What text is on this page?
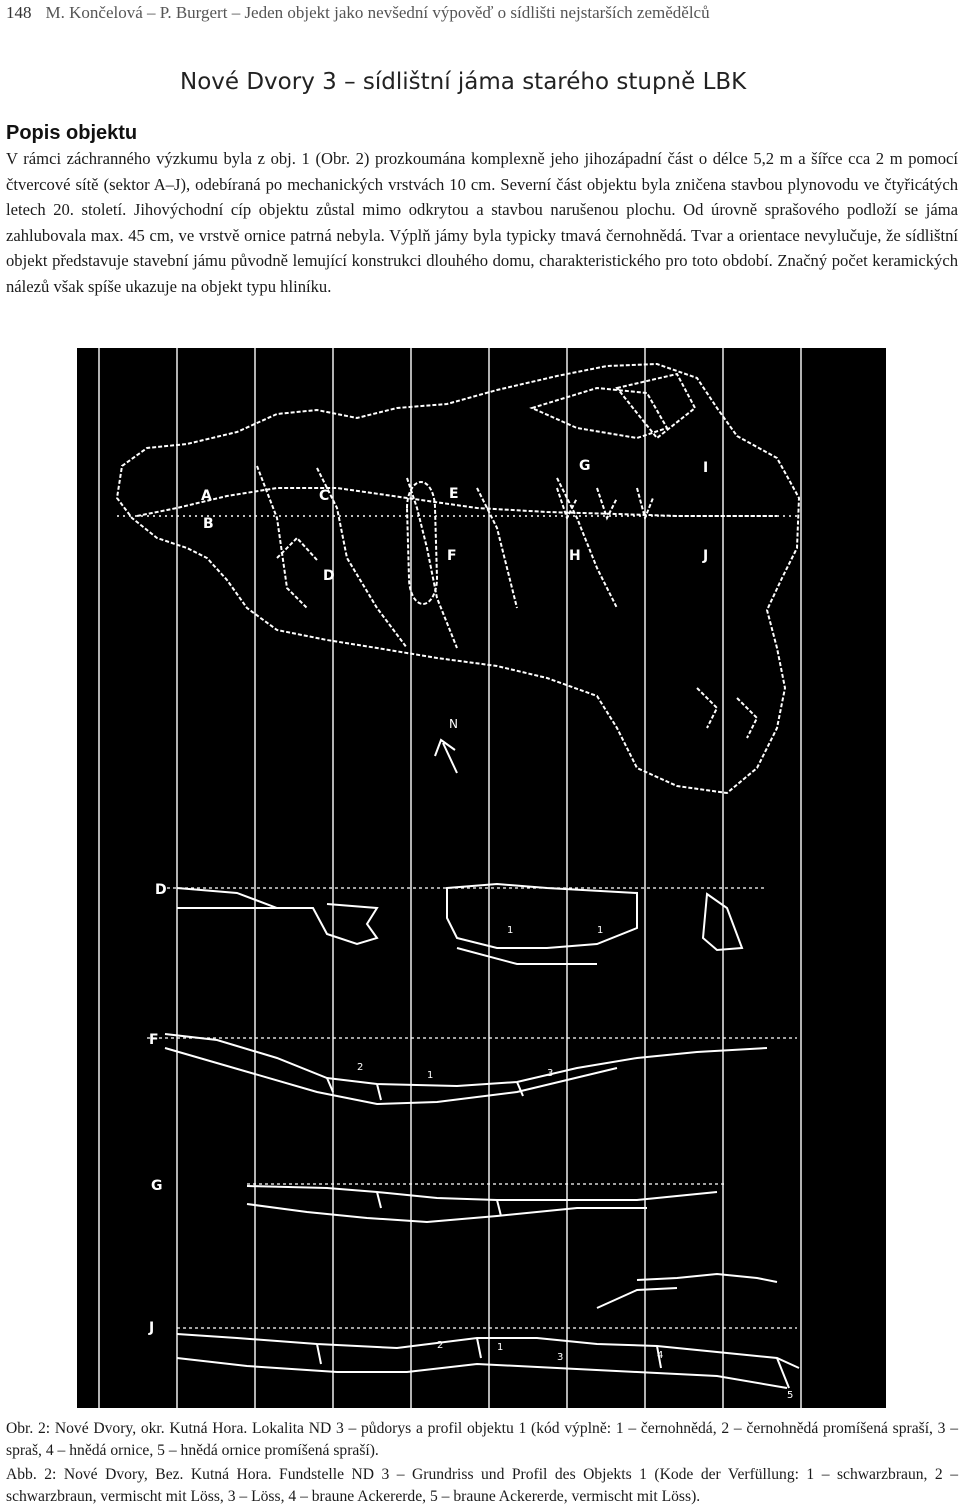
148 M. Končelová – P. Burgert – Jeden objekt jako nevšední výpověď o sídlišti nejstarších zemědělců
Nové Dvory 3 – sídlištní jáma starého stupně LBK
Popis objektu
V rámci záchranného výzkumu byla z obj. 1 (Obr. 2) prozkoumána komplexně jeho jihozápadní část o délce 5,2 m a šířce cca 2 m pomocí čtvercové sítě (sektor A–J), odebíraná po mechanických vrstvách 10 cm. Severní část objektu byla zničena stavbou plynovodu ve čtyřicátých letech 20. století. Jihovýchodní cíp objektu zůstal mimo odkrytou a stavbou narušenou plochu. Od úrovně sprašového podloží se jáma zahlubovala max. 45 cm, ve vrstvě ornice patrná nebyla. Výplň jámy byla typicky tmavá černohnědá. Tvar a orientace nevylučuje, že sídlištní objekt představuje stavební jámu původně lemující konstrukci dlouhého domu, charakteristického pro toto období. Značný počet keramických nálezů však spíše ukazuje na objekt typu hliníku.
A
B
C
D
E
F
G
H
I
J
N
D
F
G
J
1	1
1
2
3
1
2
3	4
5
Obr. 2: Nové Dvory, okr. Kutná Hora. Lokalita ND 3 – půdorys a profil objektu 1 (kód výplně: 1 – černohnědá, 2 – černohnědá promíšená spraší, 3 – spraš, 4 – hnědá ornice, 5 – hnědá ornice promíšená spraší).
Abb. 2: Nové Dvory, Bez. Kutná Hora. Fundstelle ND 3 – Grundriss und Profil des Objekts 1 (Kode der Verfüllung: 1 – schwarzbraun, 2 – schwarzbraun, vermischt mit Löss, 3 – Löss, 4 – braune Ackererde, 5 – braune Ackererde, vermischt mit Löss).
